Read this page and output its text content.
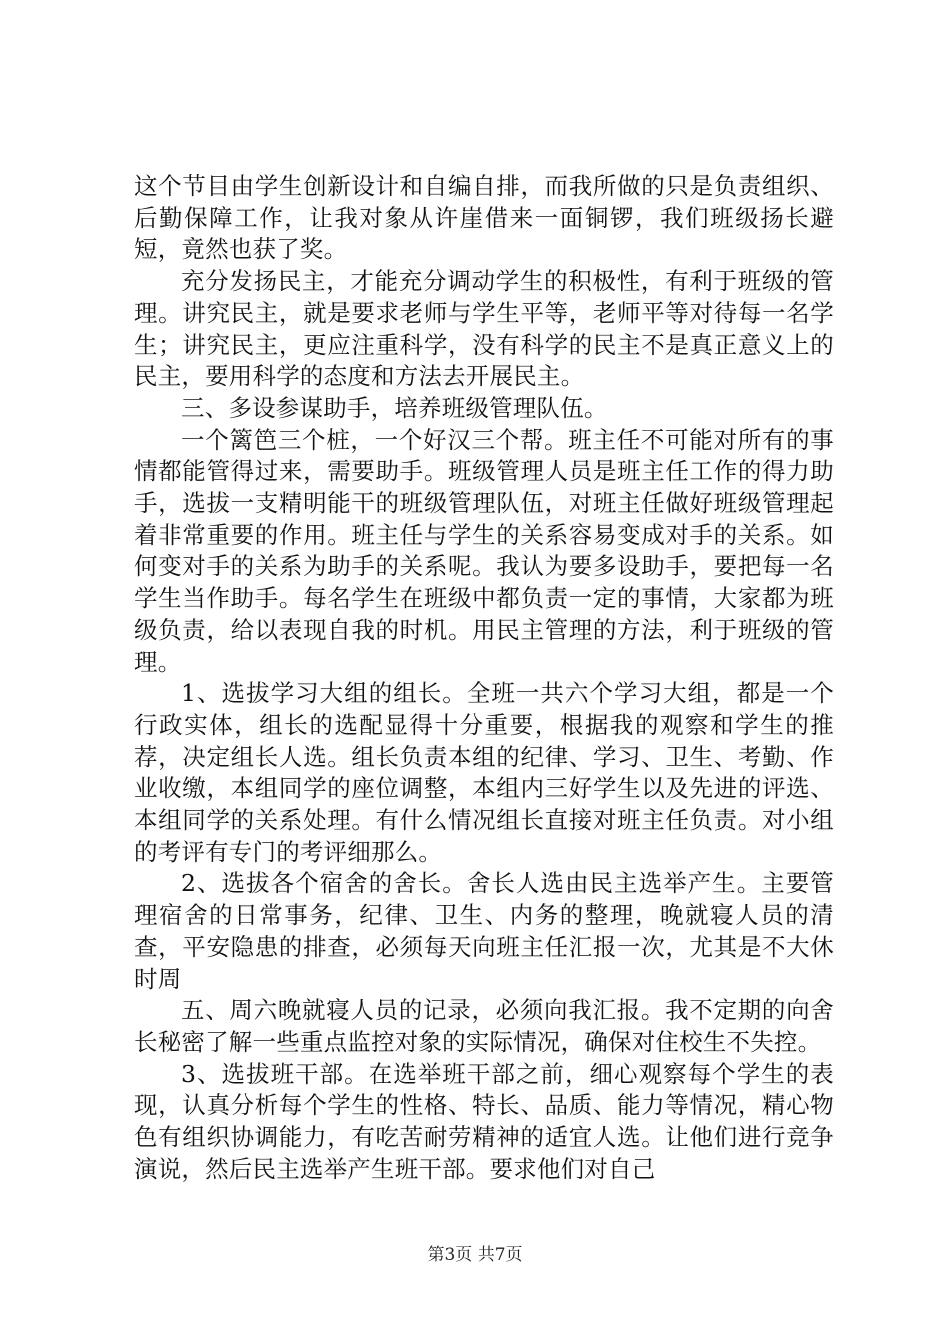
这个节目由学生创新设计和自编自排，而我所做的只是负责组织、后勤保障工作，让我对象从许崖借来一面铜锣，我们班级扬长避短，竟然也获了奖。

充分发扬民主，才能充分调动学生的积极性，有利于班级的管理。讲究民主，就是要求老师与学生平等，老师平等对待每一名学生；讲究民主，更应注重科学，没有科学的民主不是真正意义上的民主，要用科学的态度和方法去开展民主。

三、多设参谋助手，培养班级管理队伍。

一个篱笆三个桩，一个好汉三个帮。班主任不可能对所有的事情都能管得过来，需要助手。班级管理人员是班主任工作的得力助手，选拔一支精明能干的班级管理队伍，对班主任做好班级管理起着非常重要的作用。班主任与学生的关系容易变成对手的关系。如何变对手的关系为助手的关系呢。我认为要多设助手，要把每一名学生当作助手。每名学生在班级中都负责一定的事情，大家都为班级负责，给以表现自我的时机。用民主管理的方法，利于班级的管理。

1、选拔学习大组的组长。全班一共六个学习大组，都是一个行政实体，组长的选配显得十分重要，根据我的观察和学生的推荐，决定组长人选。组长负责本组的纪律、学习、卫生、考勤、作业收缴，本组同学的座位调整，本组内三好学生以及先进的评选、本组同学的关系处理。有什么情况组长直接对班主任负责。对小组的考评有专门的考评细那么。

2、选拔各个宿舍的舍长。舍长人选由民主选举产生。主要管理宿舍的日常事务，纪律、卫生、内务的整理，晚就寝人员的清查，平安隐患的排查，必须每天向班主任汇报一次，尤其是不大休时周

五、周六晚就寝人员的记录，必须向我汇报。我不定期的向舍长秘密了解一些重点监控对象的实际情况，确保对住校生不失控。

3、选拔班干部。在选举班干部之前，细心观察每个学生的表现，认真分析每个学生的性格、特长、品质、能力等情况，精心物色有组织协调能力，有吃苦耐劳精神的适宜人选。让他们进行竞争演说，然后民主选举产生班干部。要求他们对自己

第3页 共7页
